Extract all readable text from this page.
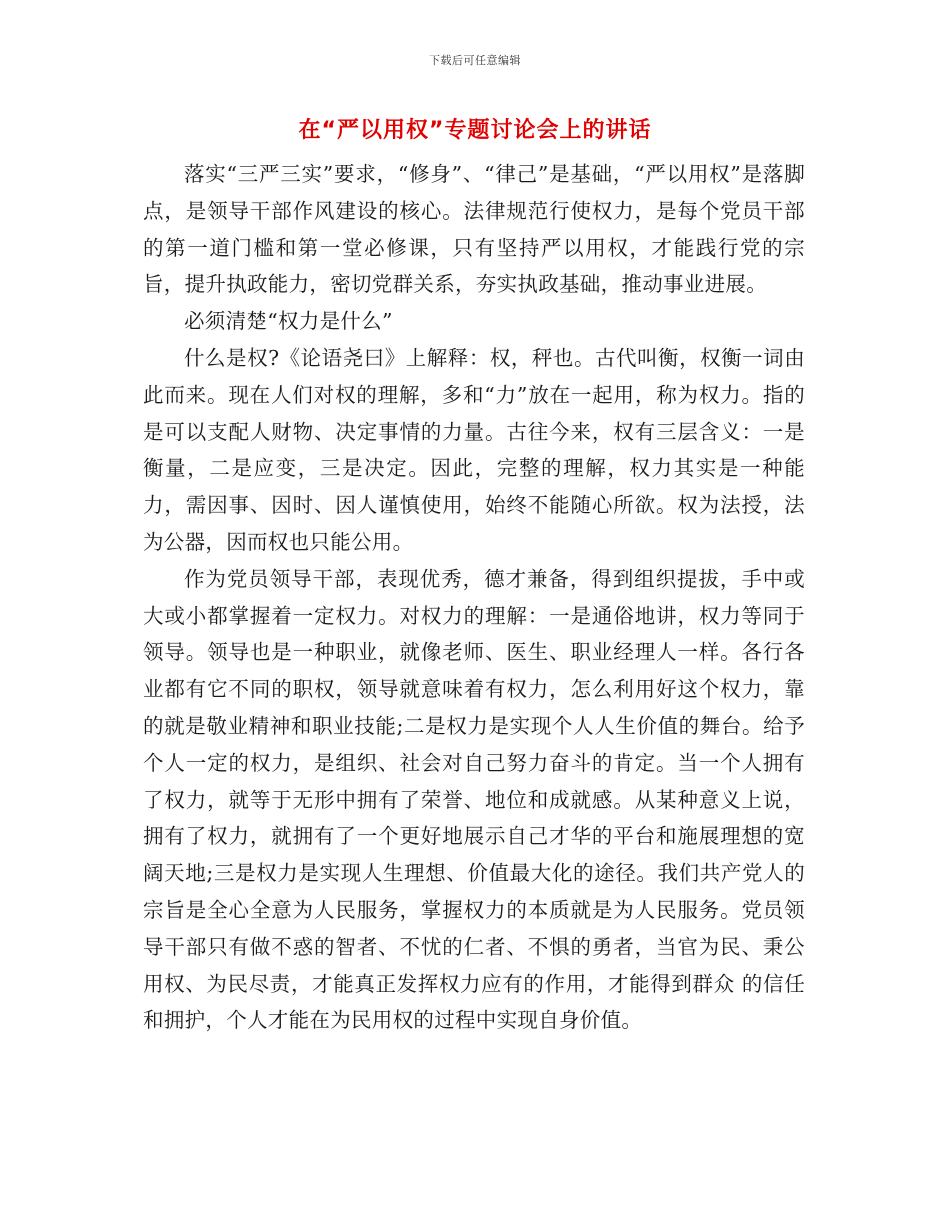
下载后可任意编辑
在“严以用权”专题讨论会上的讲话

落实“三严三实”要求，“修身”、“律己”是基础，“严以用权”是落脚点，是领导干部作风建设的核心。法律规范行使权力，是每个党员干部的第一道门槛和第一堂必修课，只有坚持严以用权，才能践行党的宗旨，提升执政能力，密切党群关系，夯实执政基础，推动事业进展。

必须清楚“权力是什么”

什么是权?《论语尧曰》上解释：权，秤也。古代叫衡，权衡一词由此而来。现在人们对权的理解，多和“力”放在一起用，称为权力。指的是可以支配人财物、决定事情的力量。古往今来，权有三层含义：一是衡量，二是应变，三是决定。因此，完整的理解，权力其实是一种能力，需因事、因时、因人谨慎使用，始终不能随心所欲。权为法授，法为公器，因而权也只能公用。

作为党员领导干部，表现优秀，德才兼备，得到组织提拔，手中或大或小都掌握着一定权力。对权力的理解：一是通俗地讲，权力等同于领导。领导也是一种职业，就像老师、医生、职业经理人一样。各行各业都有它不同的职权，领导就意味着有权力，怎么利用好这个权力，靠的就是敬业精神和职业技能;二是权力是实现个人人生价值的舞台。给予个人一定的权力，是组织、社会对自己努力奋斗的肯定。当一个人拥有了权力，就等于无形中拥有了荣誉、地位和成就感。从某种意义上说，拥有了权力，就拥有了一个更好地展示自己才华的平台和施展理想的宽阔天地;三是权力是实现人生理想、价值最大化的途径。我们共产党人的宗旨是全心全意为人民服务，掌握权力的本质就是为人民服务。党员领导干部只有做不惑的智者、不忧的仁者、不惧的勇者，当官为民、秉公用权、为民尽责，才能真正发挥权力应有的作用，才能得到群众 的信任和拥护，个人才能在为民用权的过程中实现自身价值。
